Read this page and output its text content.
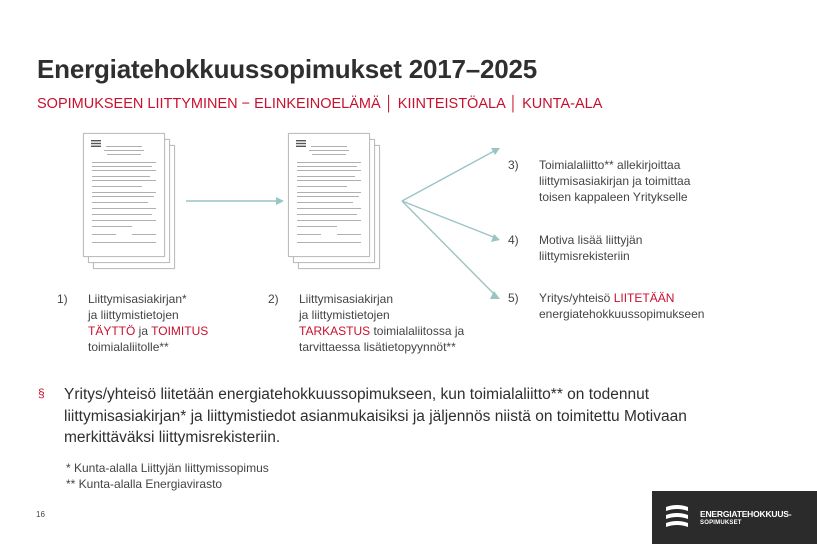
Energiatehokkuussopimukset 2017–2025
SOPIMUKSEEN LIITTYMINEN − ELINKEINOELÄMÄ │ KIINTEISTÖALA │ KUNTA-ALA
1) Liittymisasiakirjan*
ja liittymistietojen
TÄYTTÖ ja TOIMITUS
toimialaliitolle**
2) Liittymisasiakirjan
ja liittymistietojen
TARKASTUS toimialaliitossa ja
tarvittaessa lisätietopyynnöt**
3) Toimialaliitto** allekirjoittaa
liittymisasiakirjan ja toimittaa
toisen kappaleen Yritykselle
4) Motiva lisää liittyjän
liittymisrekisteriin
5) Yritys/yhteisö LIITETÄÄN
energiatehokkuussopimukseen
§ Yritys/yhteisö liitetään energiatehokkuussopimukseen, kun toimialaliitto** on todennut
liittymisasiakirjan* ja liittymistiedot asianmukaisiksi ja jäljennös niistä on toimitettu Motivaan
merkittäväksi liittymisrekisteriin.
* Kunta-alalla Liittyjän liittymissopimus
** Kunta-alalla Energiavirasto
16	ENERGIATEHOKKUUS-
SOPIMUKSET
